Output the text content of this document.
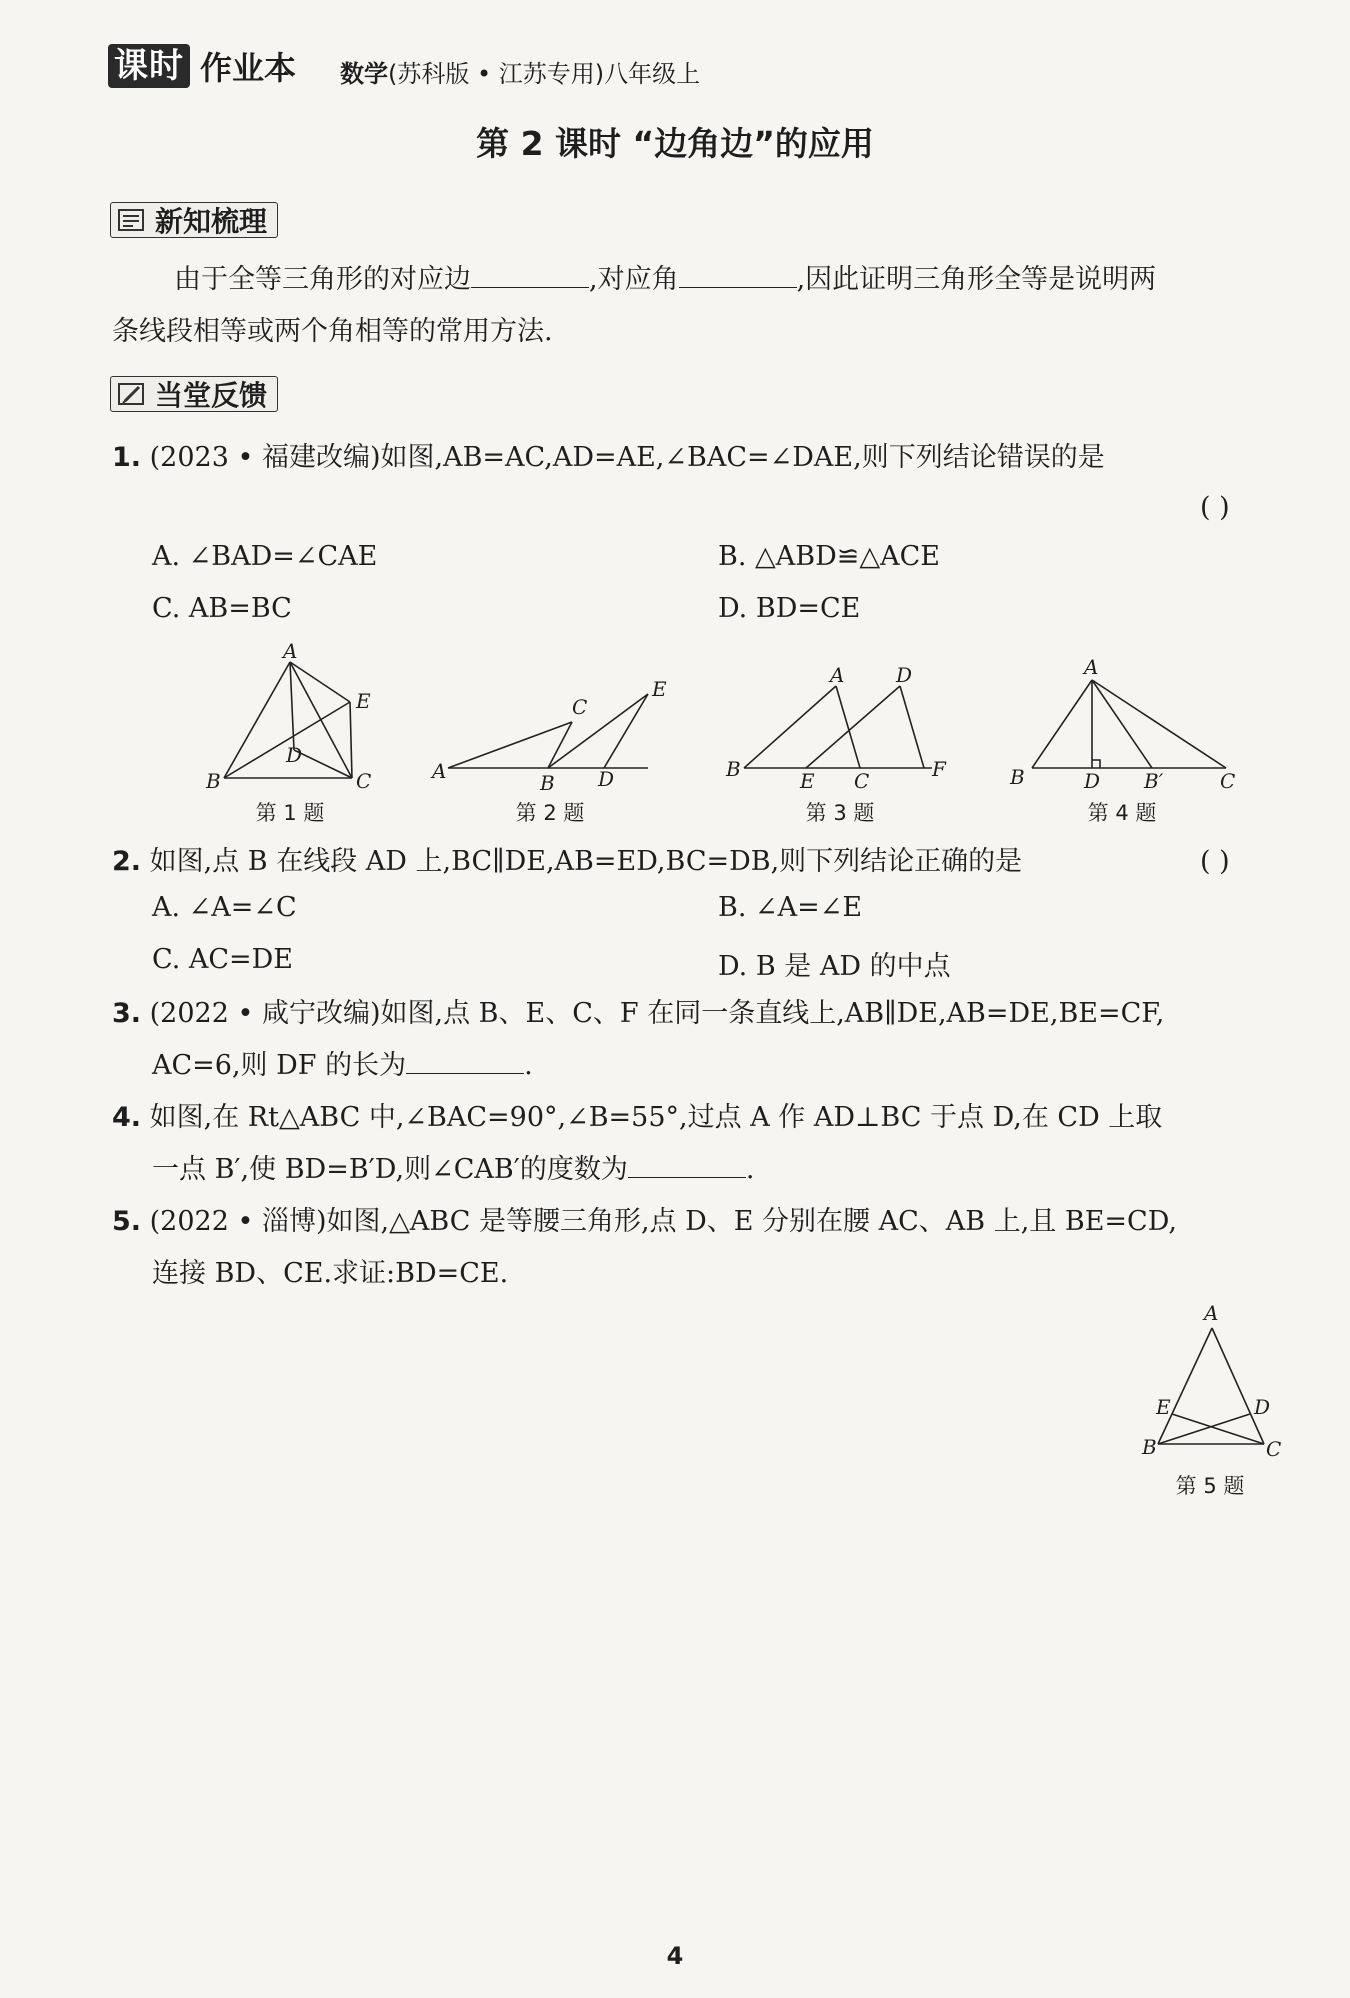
课时 作业本 数学(苏科版 • 江苏专用)八年级上
第 2 课时 “边角边”的应用
新知梳理
由于全等三角形的对应边	,对应角	,因此证明三角形全等是说明两
条线段相等或两个角相等的常用方法.
当堂反馈
1. (2023 • 福建改编)如图,AB=AC,AD=AE,∠BAC=∠DAE,则下列结论错误的是
( )
A. ∠BAD=∠CAE	B. △ABD≌△ACE
C. AB=BC	D. BD=CE
A
E
D
B	C
第 1 题
E
C
A	B D
第 2 题
A	D
B	F
E C
第 3 题
A
B	D B′	C
第 4 题
2. 如图,点 B 在线段 AD 上,BC∥DE,AB=ED,BC=DB,则下列结论正确的是	( )
A. ∠A=∠C	B. ∠A=∠E
C. AC=DE	D. B 是 AD 的中点
3. (2022 • 咸宁改编)如图,点 B、E、C、F 在同一条直线上,AB∥DE,AB=DE,BE=CF,
AC=6,则 DF 的长为	.
4. 如图,在 Rt△ABC 中,∠BAC=90°,∠B=55°,过点 A 作 AD⊥BC 于点 D,在 CD 上取
一点 B′,使 BD=B′D,则∠CAB′的度数为	.
5. (2022 • 淄博)如图,△ABC 是等腰三角形,点 D、E 分别在腰 AC、AB 上,且 BE=CD,
连接 BD、CE.求证:BD=CE.
A
E	D
B	C
第 5 题
4
